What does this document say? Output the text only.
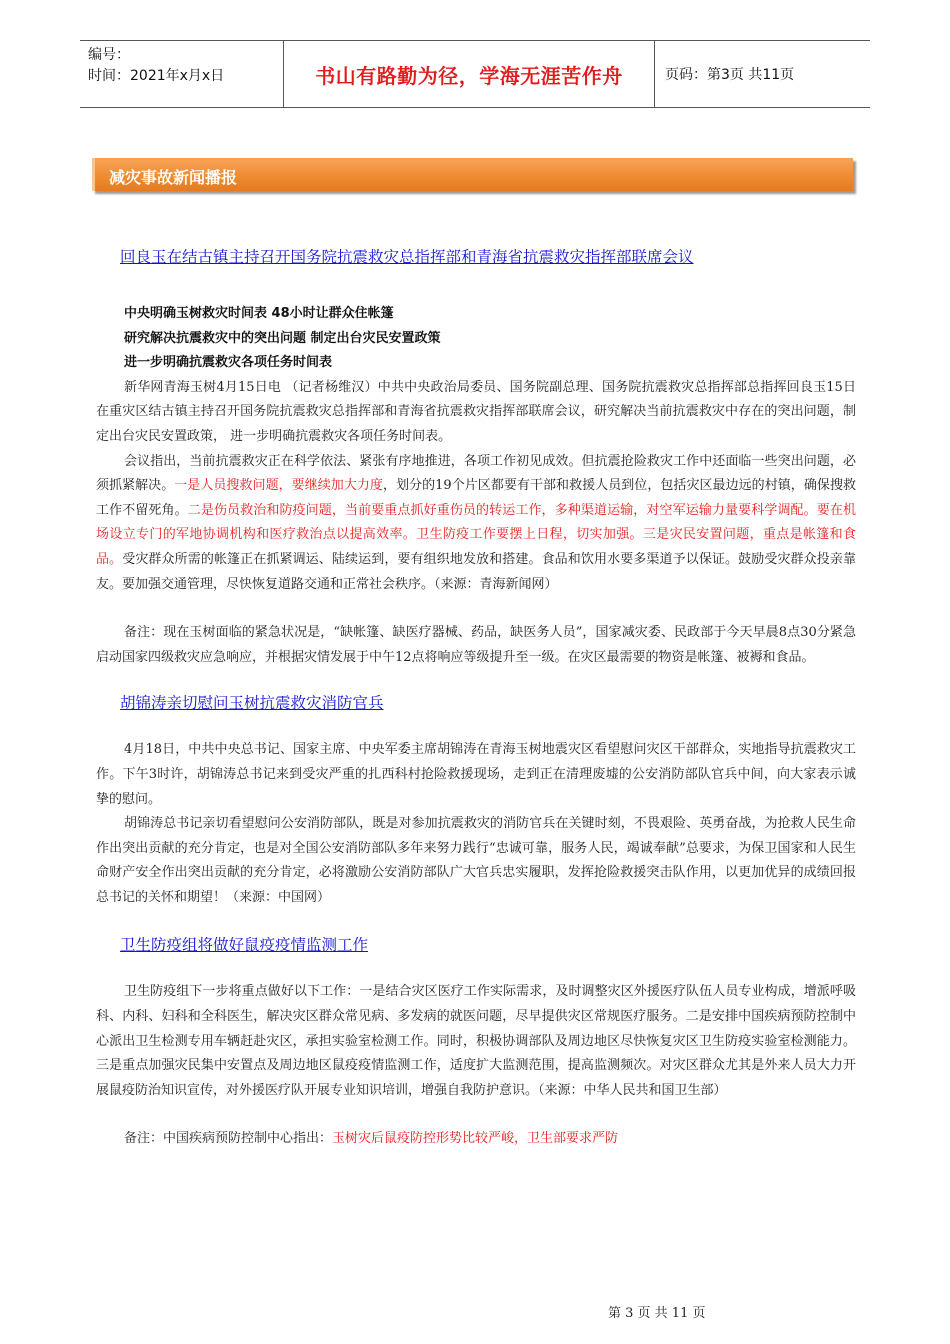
编号：
时间：2021年x月x日	书山有路勤为径，学海无涯苦作舟	页码：第3页 共11页
减灾事故新闻播报
回良玉在结古镇主持召开国务院抗震救灾总指挥部和青海省抗震救灾指挥部联席会议
中央明确玉树救灾时间表 48小时让群众住帐篷
研究解决抗震救灾中的突出问题 制定出台灾民安置政策
进一步明确抗震救灾各项任务时间表

新华网青海玉树4月15日电 （记者杨维汉）中共中央政治局委员、国务院副总理、国务院抗震救灾总指挥部总指挥回良玉15日在重灾区结古镇主持召开国务院抗震救灾总指挥部和青海省抗震救灾指挥部联席会议，研究解决当前抗震救灾中存在的突出问题，制定出台灾民安置政策， 进一步明确抗震救灾各项任务时间表。

会议指出，当前抗震救灾正在科学依法、紧张有序地推进，各项工作初见成效。但抗震抢险救灾工作中还面临一些突出问题，必须抓紧解决。一是人员搜救问题，要继续加大力度，划分的19个片区都要有干部和救援人员到位，包括灾区最边远的村镇，确保搜救工作不留死角。二是伤员救治和防疫问题，当前要重点抓好重伤员的转运工作，多种渠道运输，对空军运输力量要科学调配。要在机场设立专门的军地协调机构和医疗救治点以提高效率。卫生防疫工作要摆上日程，切实加强。三是灾民安置问题，重点是帐篷和食品。受灾群众所需的帐篷正在抓紧调运、陆续运到，要有组织地发放和搭建。食品和饮用水要多渠道予以保证。鼓励受灾群众投亲靠友。要加强交通管理，尽快恢复道路交通和正常社会秩序。（来源：青海新闻网）

备注：现在玉树面临的紧急状况是，“缺帐篷、缺医疗器械、药品，缺医务人员”，国家减灾委、民政部于今天早晨8点30分紧急启动国家四级救灾应急响应，并根据灾情发展于中午12点将响应等级提升至一级。在灾区最需要的物资是帐篷、被褥和食品。

胡锦涛亲切慰问玉树抗震救灾消防官兵

4月18日，中共中央总书记、国家主席、中央军委主席胡锦涛在青海玉树地震灾区看望慰问灾区干部群众，实地指导抗震救灾工作。下午3时许，胡锦涛总书记来到受灾严重的扎西科村抢险救援现场，走到正在清理废墟的公安消防部队官兵中间，向大家表示诚挚的慰问。

胡锦涛总书记亲切看望慰问公安消防部队，既是对参加抗震救灾的消防官兵在关键时刻，不畏艰险、英勇奋战，为抢救人民生命作出突出贡献的充分肯定，也是对全国公安消防部队多年来努力践行“忠诚可靠，服务人民，竭诚奉献”总要求，为保卫国家和人民生命财产安全作出突出贡献的充分肯定，必将激励公安消防部队广大官兵忠实履职，发挥抢险救援突击队作用，以更加优异的成绩回报总书记的关怀和期望！（来源：中国网）

卫生防疫组将做好鼠疫疫情监测工作

卫生防疫组下一步将重点做好以下工作：一是结合灾区医疗工作实际需求，及时调整灾区外援医疗队伍人员专业构成，增派呼吸科、内科、妇科和全科医生，解决灾区群众常见病、多发病的就医问题，尽早提供灾区常规医疗服务。二是安排中国疾病预防控制中心派出卫生检测专用车辆赶赴灾区，承担实验室检测工作。同时，积极协调部队及周边地区尽快恢复灾区卫生防疫实验室检测能力。三是重点加强灾民集中安置点及周边地区鼠疫疫情监测工作，适度扩大监测范围，提高监测频次。对灾区群众尤其是外来人员大力开展鼠疫防治知识宣传，对外援医疗队开展专业知识培训，增强自我防护意识。（来源：中华人民共和国卫生部）

备注：中国疾病预防控制中心指出：玉树灾后鼠疫防控形势比较严峻，卫生部要求严防

第 3 页 共 11 页
